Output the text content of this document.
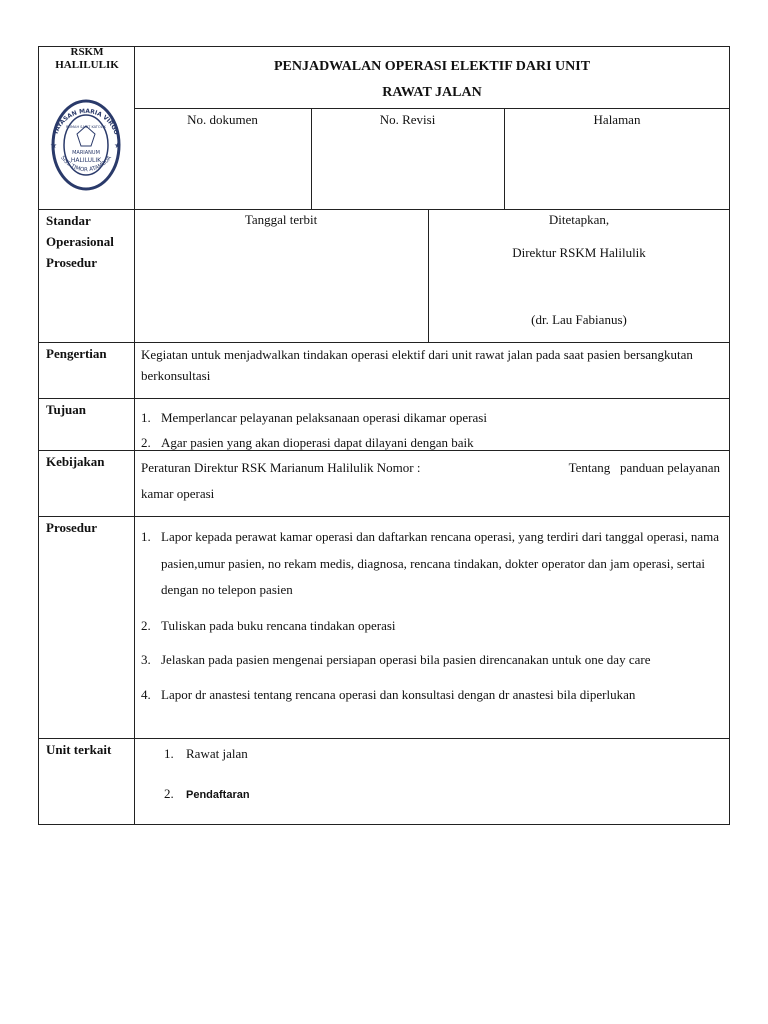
RSKM
HALILULIK
★	★
YAYASAN MARIA VIRGO
SISS TIMOR ATAMBUA
RUMAH SAKIT KATOLIK
MARIANUM
HALILULIK
PENJADWALAN OPERASI ELEKTIF DARI UNIT
RAWAT JALAN
No. dokumen	No. Revisi	Halaman
Standar
Operasional
Prosedur
Tanggal terbit	Ditetapkan,
Direktur RSKM Halilulik
(dr. Lau Fabianus)
Pengertian	Kegiatan untuk menjadwalkan tindakan operasi elektif dari unit rawat jalan pada saat pasien bersangkutan berkonsultasi
Tujuan
1. Memperlancar pelayanan pelaksanaan operasi dikamar operasi
2. Agar pasien yang akan dioperasi dapat dilayani dengan baik
Kebijakan	Peraturan Direktur RSK Marianum Halilulik Nomor :	Tentang   panduan pelayanan
kamar operasi
Prosedur
1. Lapor kepada perawat kamar operasi dan daftarkan rencana operasi, yang terdiri dari tanggal operasi, nama pasien,umur pasien, no rekam medis, diagnosa, rencana tindakan, dokter operator dan jam operasi, sertai dengan no telepon pasien
2. Tuliskan pada buku rencana tindakan operasi
3. Jelaskan pada pasien mengenai persiapan operasi bila pasien direncanakan untuk one day care
4. Lapor dr anastesi tentang rencana operasi dan konsultasi dengan dr anastesi bila diperlukan
Unit terkait	1. Rawat jalan
2. Pendaftaran
